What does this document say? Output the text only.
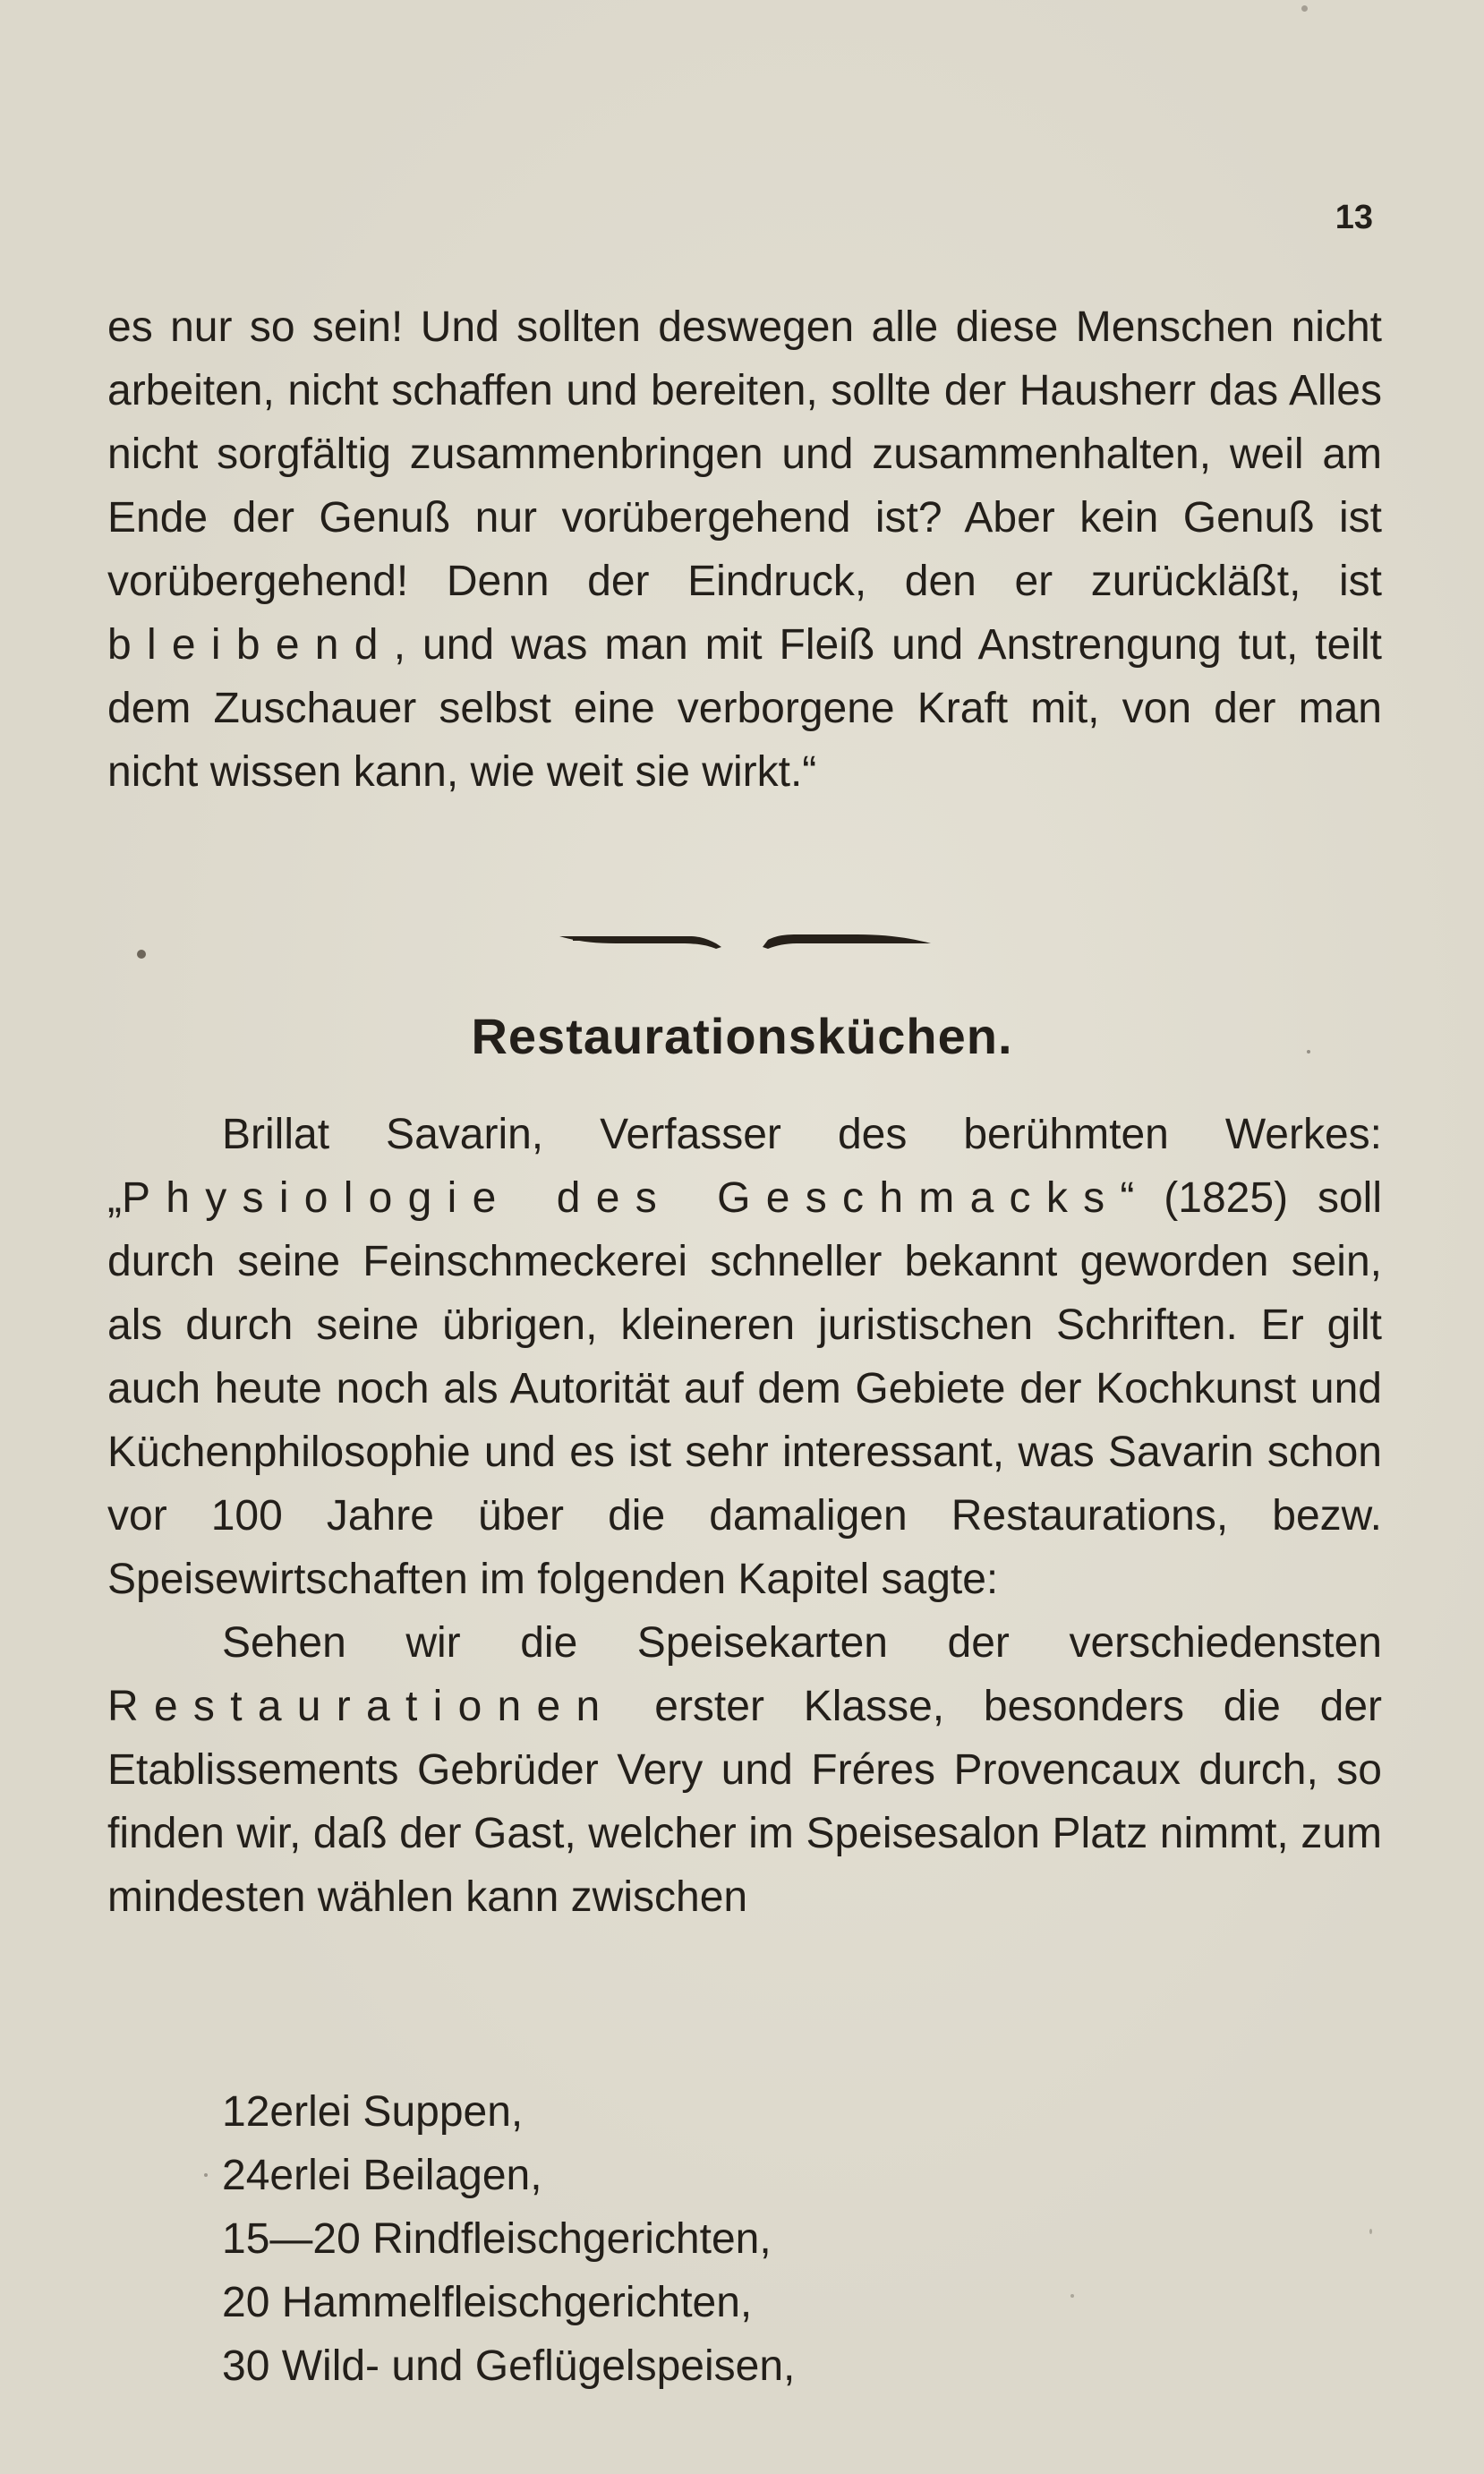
13

es nur so sein! Und sollten deswegen alle diese Menschen nicht arbeiten, nicht schaffen und bereiten, sollte der Hausherr das Alles nicht sorgfältig zusammenbringen und zusammenhalten, weil am Ende der Genuß nur vorübergehend ist? Aber kein Genuß ist vorübergehend! Denn der Eindruck, den er zurückläßt, ist bleibend, und was man mit Fleiß und Anstrengung tut, teilt dem Zuschauer selbst eine verborgene Kraft mit, von der man nicht wissen kann, wie weit sie wirkt.“

Restaurationsküchen.

Brillat Savarin, Verfasser des berühmten Werkes: „Physiologie des Geschmacks“ (1825) soll durch seine Feinschmeckerei schneller bekannt geworden sein, als durch seine übrigen, kleineren juristischen Schriften. Er gilt auch heute noch als Autorität auf dem Gebiete der Kochkunst und Küchenphilosophie und es ist sehr interessant, was Savarin schon vor 100 Jahre über die damaligen Restaurations, bezw. Speisewirtschaften im folgenden Kapitel sagte:

Sehen wir die Speisekarten der verschiedensten Restaurationen erster Klasse, besonders die der Etablissements Gebrüder Very und Fréres Provencaux durch, so finden wir, daß der Gast, welcher im Speisesalon Platz nimmt, zum mindesten wählen kann zwischen

12erlei Suppen,
24erlei Beilagen,
15—20 Rindfleischgerichten,
20 Hammelfleischgerichten,
30 Wild- und Geflügelspeisen,
